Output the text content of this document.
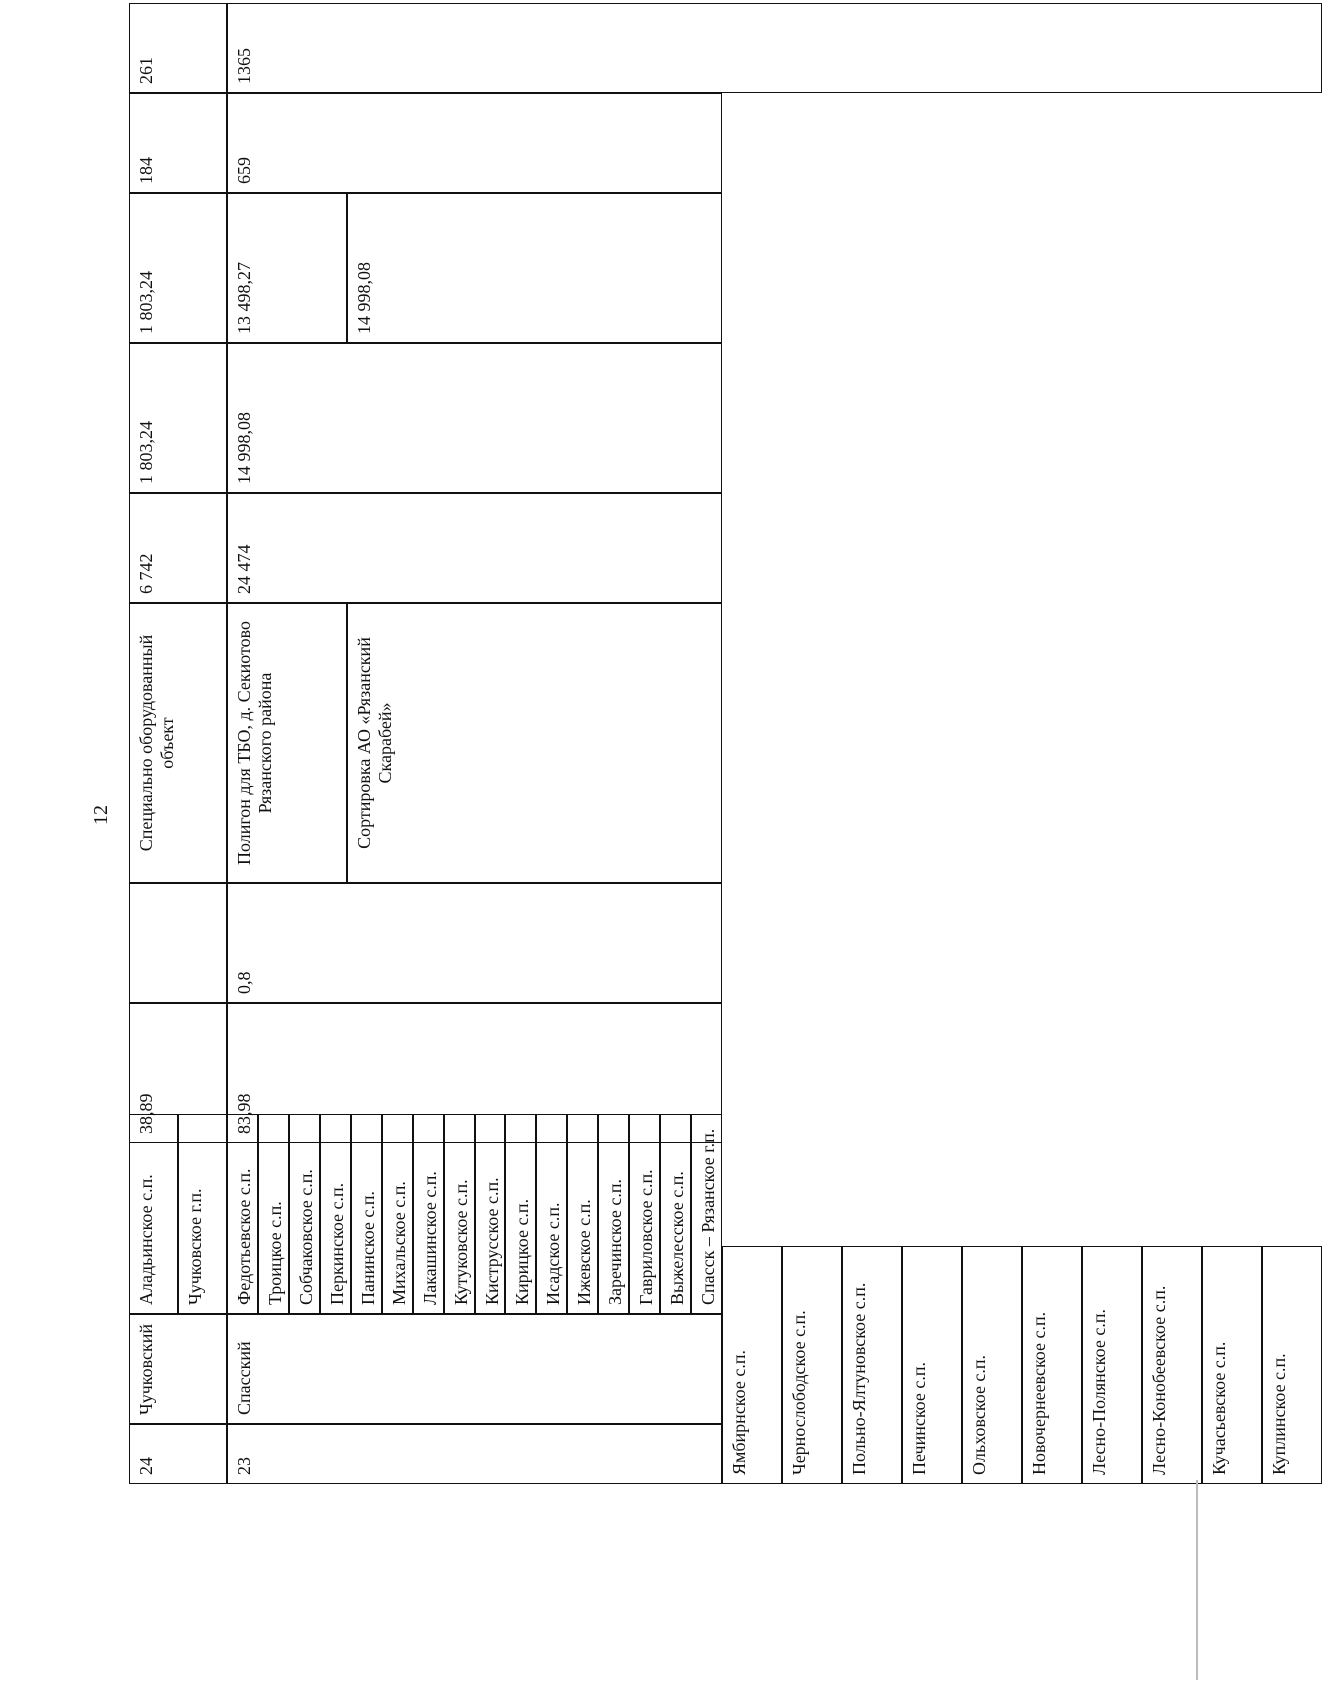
12
Куплинское с.п.
Кучасьевское с.п.
Лесно-Конобеевское с.п.
Лесно-Полянское с.п.
Новочернеевское с.п.
Ольховское с.п.
Печинское с.п.
Польно-Ялтуновское с.п.
Чернослободское с.п.
Ямбирнское с.п.
23
Спасский
Спасск – Рязанское г.п.
Выжелесское с.п.
Гавриловское с.п.
Заречинское с.п.
Ижевское с.п.
Исадское с.п.
Кирицкое с.п.
Киструсское с.п.
Кутуковское с.п.
Лакашинское с.п.
Михальское с.п.
Панинское с.п.
Перкинское с.п.
Собчаковское с.п.
Троицкое с.п.
Федотьевское с.п.
83,98
0,8
Сортировка АО «Рязанский Скарабей»
Полигон для ТБО, д. Секиотово Рязанского района
24 474
14 998,08
14 998,08
13 498,27
659
24
Чучковский
Чучковское г.п.
Аладьинское с.п.
38,89
Специально оборудованный объект
6 742
1 803,24
1 803,24
184
261	1365
